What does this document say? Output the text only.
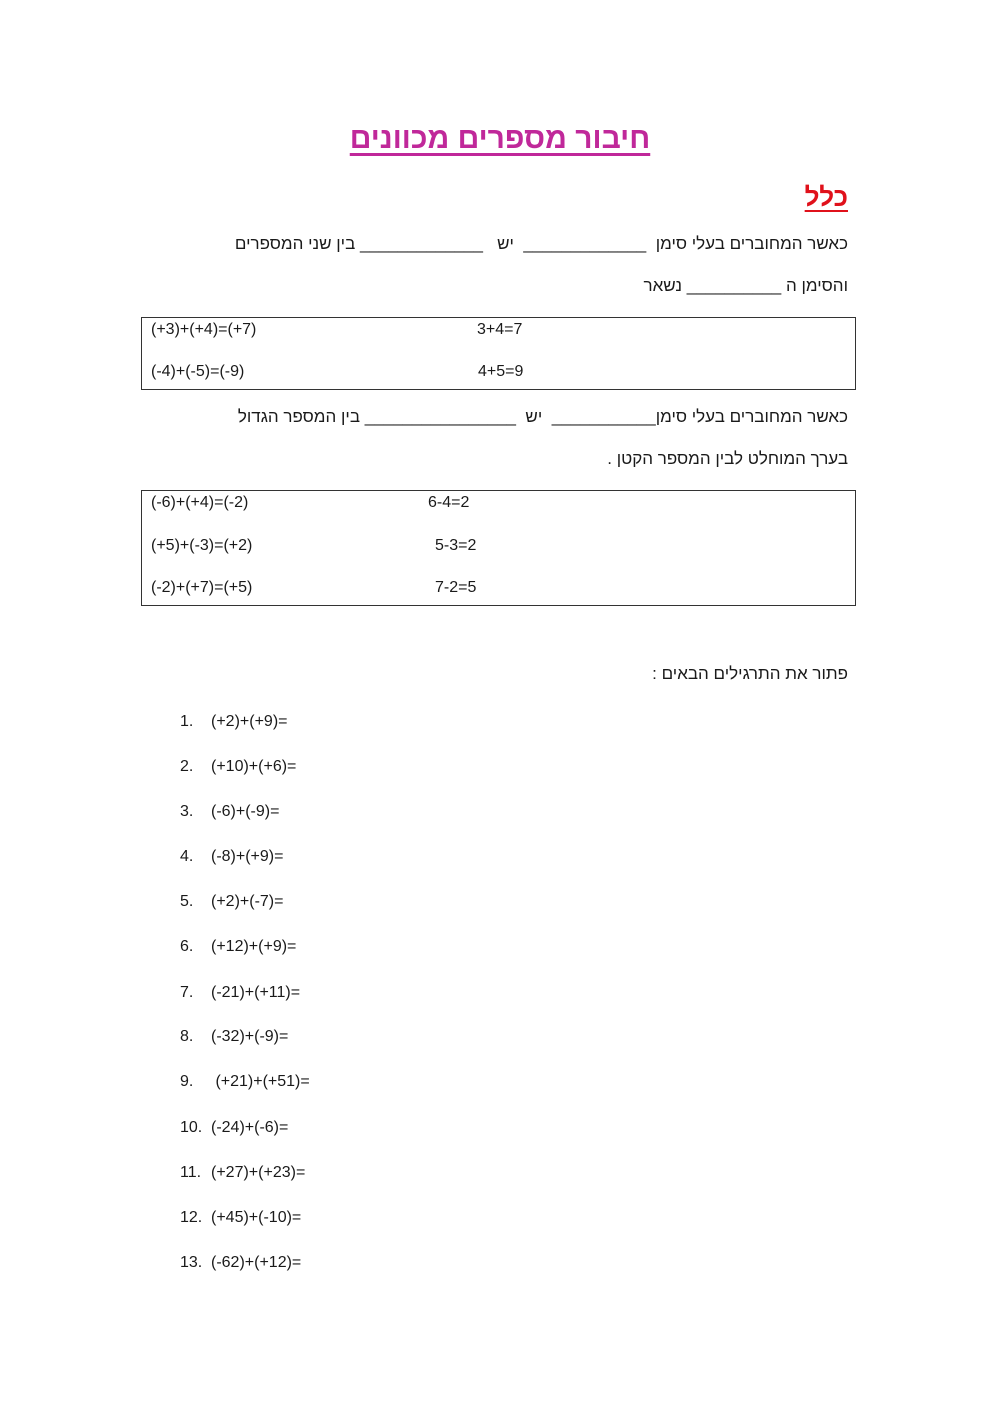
חיבור מספרים מכוונים
כלל
כאשר המחוברים בעלי סימן  _____________  יש   _____________ בין שני המספרים
והסימן ה __________ נשאר
(+3)+(+4)=(+7)	3+4=7
(-4)+(-5)=(-9)	4+5=9
כאשר המחוברים בעלי סימן___________  יש  ________________ בין המספר הגדול
בערך המוחלט לבין המספר הקטן .
(-6)+(+4)=(-2)	6-4=2
(+5)+(-3)=(+2)	5-3=2
(-2)+(+7)=(+5)	7-2=5
פתור את התרגילים הבאים :
1.	(+2)+(+9)=
2.	(+10)+(+6)=
3.	(-6)+(-9)=
4.	(-8)+(+9)=
5.	(+2)+(-7)=
6.	(+12)+(+9)=
7.	(-21)+(+11)=
8.	(-32)+(-9)=
9.	(+21)+(+51)=
10. (-24)+(-6)=
11. (+27)+(+23)=
12. (+45)+(-10)=
13. (-62)+(+12)=
